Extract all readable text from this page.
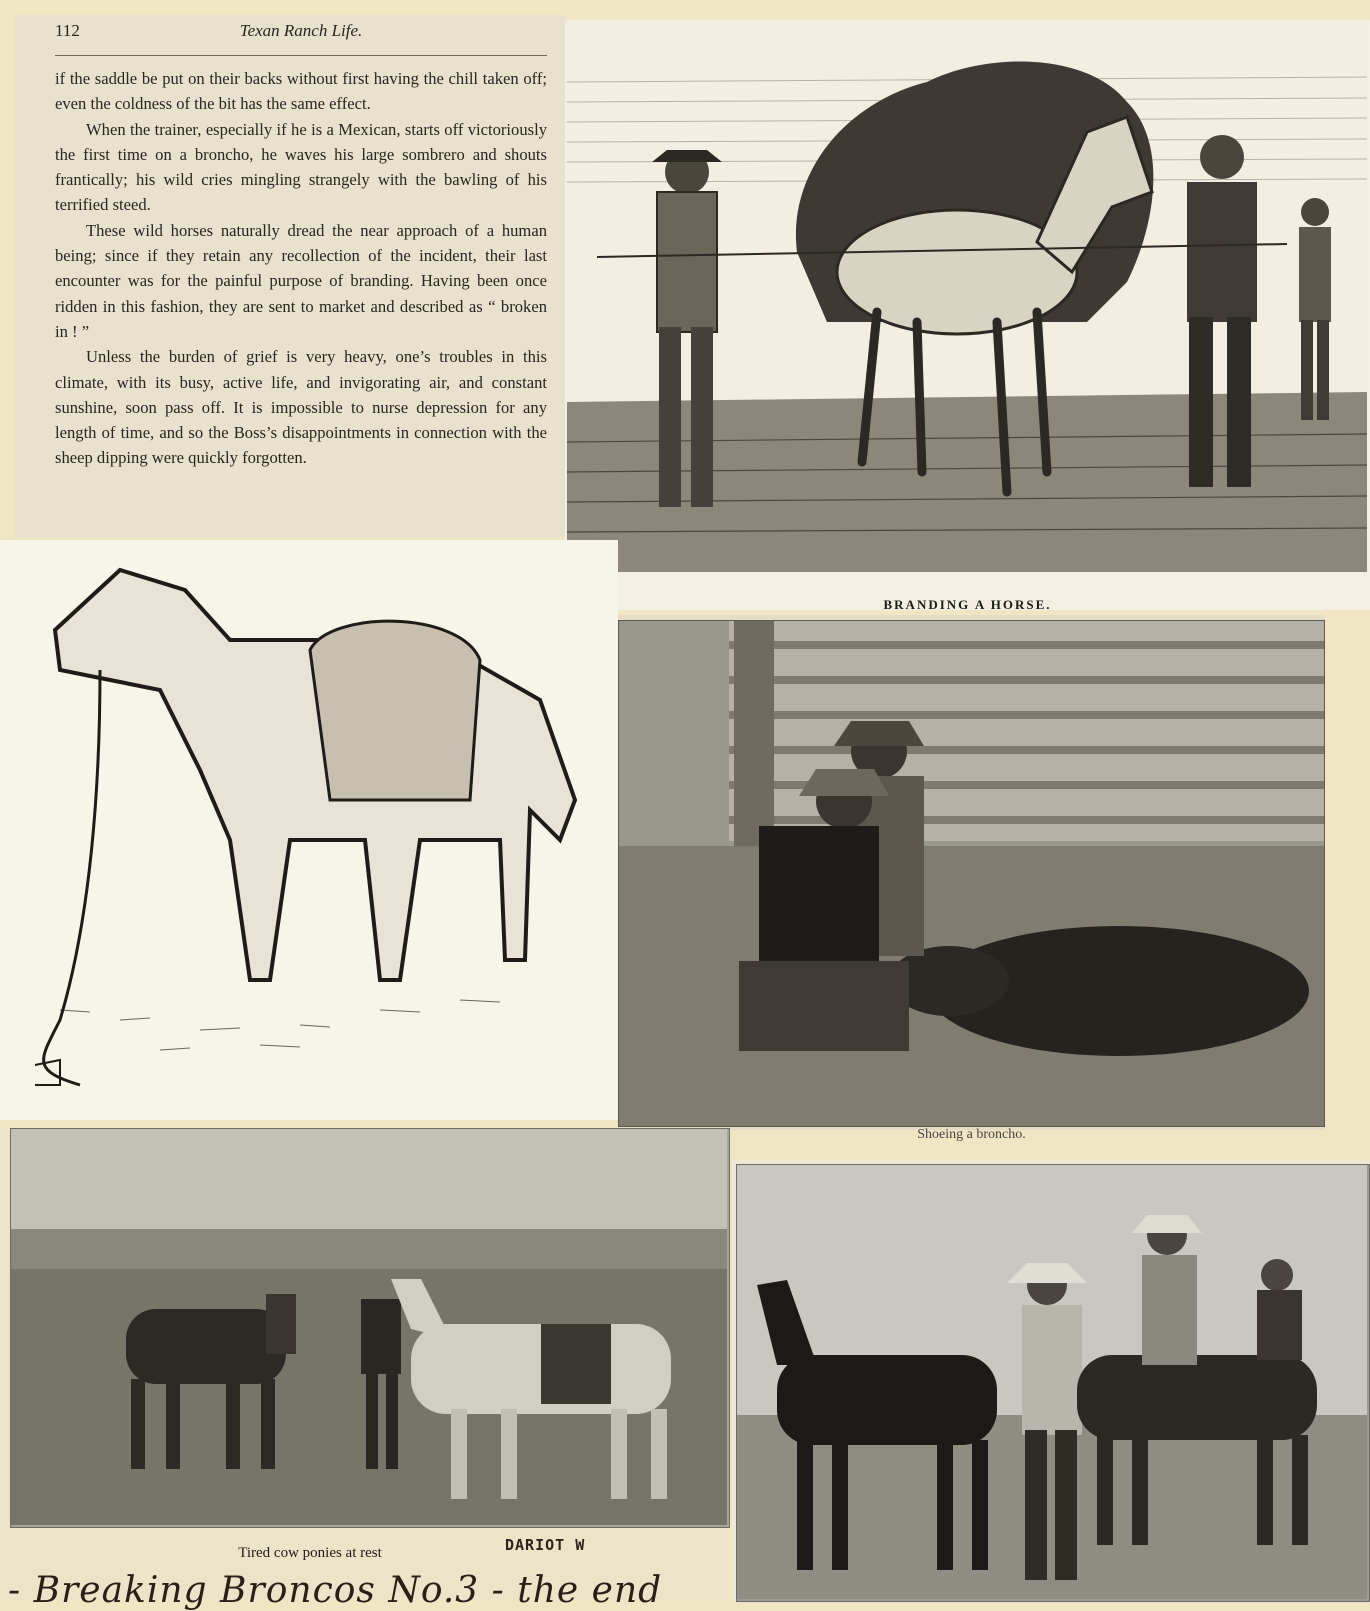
112	Texan Ranch Life.

if the saddle be put on their backs without first having the chill taken off; even the coldness of the bit has the same effect.

When the trainer, especially if he is a Mexican, starts off victoriously the first time on a broncho, he waves his large sombrero and shouts frantically; his wild cries mingling strangely with the bawling of his terrified steed.

These wild horses naturally dread the near approach of a human being; since if they retain any recollection of the incident, their last encounter was for the painful purpose of branding. Having been once ridden in this fashion, they are sent to market and described as “ broken in ! ”

Unless the burden of grief is very heavy, one’s troubles in this climate, with its busy, active life, and invigorating air, and constant sunshine, soon pass off. It is impossible to nurse depression for any length of time, and so the Boss’s disappointments in connection with the sheep dipping were quickly forgotten.

BRANDING A HORSE.
Shoeing a broncho.
Tired cow ponies at rest	DARIOT W
- Breaking Broncos No.3 - the end
